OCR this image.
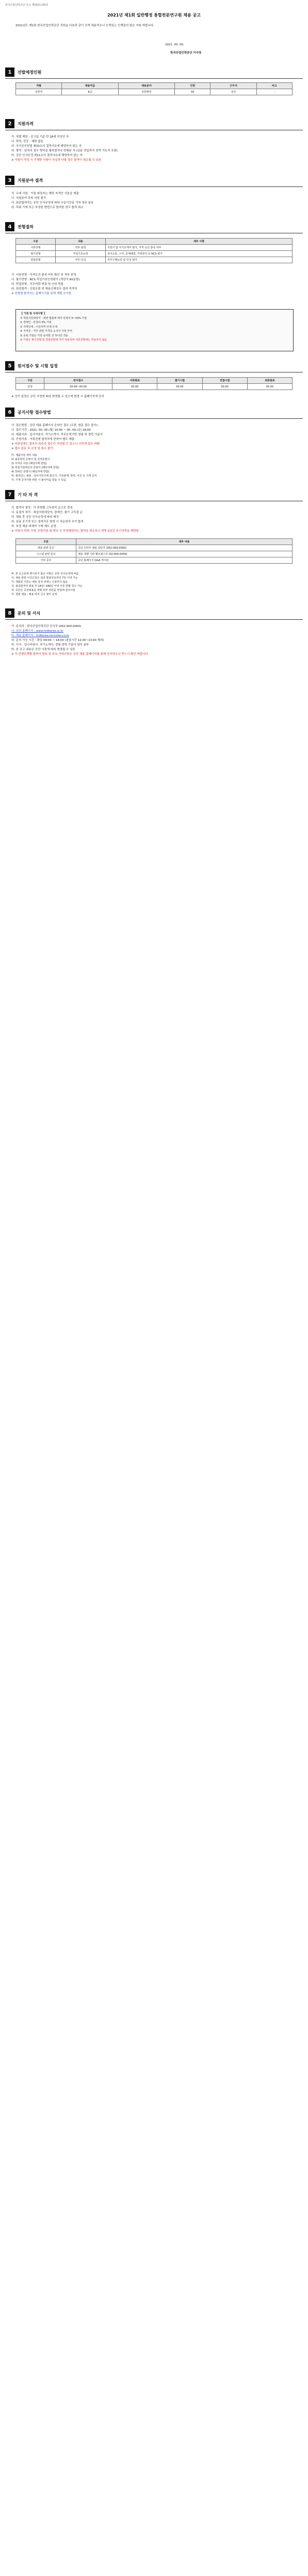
한국산업인력공단 공고 제2021-OO호
2021년 제1회 일반행정 통합전문연구원 채용 공고
2021년도 제1회 한국산업인력공단 직원을 다음과 같이 공개 채용하오니 능력있는 인재들의 많은 지원 바랍니다.
2021. 00. 00.
한국산업인력공단 이사장
1	선발예정인원
직렬	채용직급	채용분야	인원	근무지	비고
일반직	6급	일반행정	00	전국	-
2	지원자격
가. 성별 제한 : 공고일 기준 만 18세 이상인 자
나. 학력, 전공 : 제한 없음
다. 국가공무원법 제33조의 결격사유에 해당하지 않는 자
라. 병역 : 남자의 경우 병역을 필하였거나 면제된 자 (임용 전일까지 전역 가능자 포함)
마. 공단 인사규정 제11조의 결격사유에 해당하지 않는 자
※ 지원서 작성 시 기재한 사항이 사실과 다를 경우 합격이 취소될 수 있음
3	지원분야 결격
가. 우대 사항 : 가점 대상자는 해당 자격증 사본을 제출
나. 지원분야 중복 지원 불가
다. 최종합격자는 공단 인사규정에 따라 수습기간을 거쳐 정규 임용
라. 허위 기재 또는 부정한 방법으로 합격한 경우 합격 취소
4	전형절차
구분	내용	세부 사항
서류전형	적부 판정	지원서 및 자기소개서 평가, 자격 요건 충족 여부
필기전형	직업기초능력	의사소통, 수리, 문제해결, 자원관리 등 NCS 평가
면접전형	직무·인성	직무수행능력 및 인성 평가
가. 서류전형 : 자격요건 충족 여부 확인 및 적부 판정
나. 필기전형 : NCS 직업기초능력평가 (객관식 60문항)
다. 면접전형 : 직무역량 면접 및 인성 면접
라. 최종합격 : 신원조회 및 채용신체검사 결과 적격자
※ 전형별 합격자는 홈페이지를 통해 개별 공지함
【 가점 및 우대사항 】
① 취업지원대상자 : 관련 법률에 따라 만점의 5~10% 가점
② 장애인 : 만점의 5% 가점
③ 지역인재 : 이전지역 인재 우대
④ 자격증 : 직무 관련 자격증 소지자 가점 부여
⑤ 중복 가점은 가장 유리한 것 하나만 적용
※ 가점은 필기전형 및 면접전형에 각각 적용하며 서류전형에는 적용하지 않음
5	원서접수 및 시험 일정
구분	원서접수	서류발표	필기시험	면접시험	최종발표
일정	00.00~00.00	00.00	00.00	00.00	00.00
※ 상기 일정은 공단 사정에 따라 변경될 수 있으며 변경 시 홈페이지에 공지
6	공지사항 접수방법
가. 접수방법 : 공단 채용 홈페이지 온라인 접수 (우편, 방문 접수 불가)
나. 접수기간 : 2021. 00. 00.(월) 10:00 ~ 00. 00.(금) 18:00
다. 제출서류 : 입사지원서, 자기소개서, 직무능력기반 경험 및 경력 기술서
라. 증빙서류 : 서류전형 합격자에 한하여 별도 제출
※ 마감일에는 접속자 폭주로 접수가 지연될 수 있으니 사전에 접수 바람
※ 접수 완료 후 수정 및 취소 불가
마. 제출서류 세부 내용
1) 최종학력 증명서 및 성적증명서
2) 자격증 사본 (해당자에 한함)
3) 취업지원대상자 증명서 (해당자에 한함)
4) 장애인 증명서 (해당자에 한함)
바. 블라인드 채용 : 입사지원서에 출신지, 가족관계, 학력, 사진 등 기재 금지
사. 기재 금지사항 위반 시 불이익을 받을 수 있음
7	기 타 자 격
가. 합격자 결정 : 각 전형별 고득점자 순으로 결정
나. 동점자 처리 : 취업지원대상자, 장애인, 필기 고득점 순
다. 채용 후 공단 인사규정에 따라 배치
라. 임용 포기자 또는 결격사유 발생 시 차순위자 추가 합격
마. 부정 채용 피해자 구제 제도 운영
※ 지원서 허위 기재, 증빙서류 위·변조 등 부정행위자는 합격을 취소하고 향후 5년간 응시자격을 제한함
구분	세부 내용
채용 관련 문의	공단 인사부 채용 담당자 (052-000-0000)
시스템 관련 문의	채용 대행 기관 헬프데스크 (02-000-0000)
기타 문의	공단 홈페이지 Q&A 게시판
바. 본 공고문에 명시되지 않은 사항은 공단 인사규정에 따름
사. 채용 관련 이의신청은 최종 발표일로부터 7일 이내 가능
아. 제출된 서류는 채용 목적 외에는 사용하지 않음
자. 최종합격자 발표 후 14일~180일 이내 서류 반환 청구 가능
차. 공단은 공정채용을 위해 외부 위원을 면접에 참여시킴
카. 청렴 채용 : 채용 비리 신고 센터 운영
8	문의 및 서식
가. 문의처 : 한국산업인력공단 인사부 (052-000-0000)
나. 공단 홈페이지 : www.hrdkorea.or.kr
다. 채용 홈페이지 : hrdkorea.recruiter.co.kr
라. 문의 가능 시간 : 평일 09:00 ~ 18:00 (점심시간 12:00~13:00 제외)
마. 서식 : 입사지원서, 자기소개서, 경험·경력 기술서 양식 첨부
바. 본 공고 내용은 공단 사정에 따라 변경될 수 있음
※ 각 전형단계별 합격자 발표 및 주요 안내사항은 공단 채용 홈페이지를 통해 공지하오니 반드시 확인 바랍니다.
